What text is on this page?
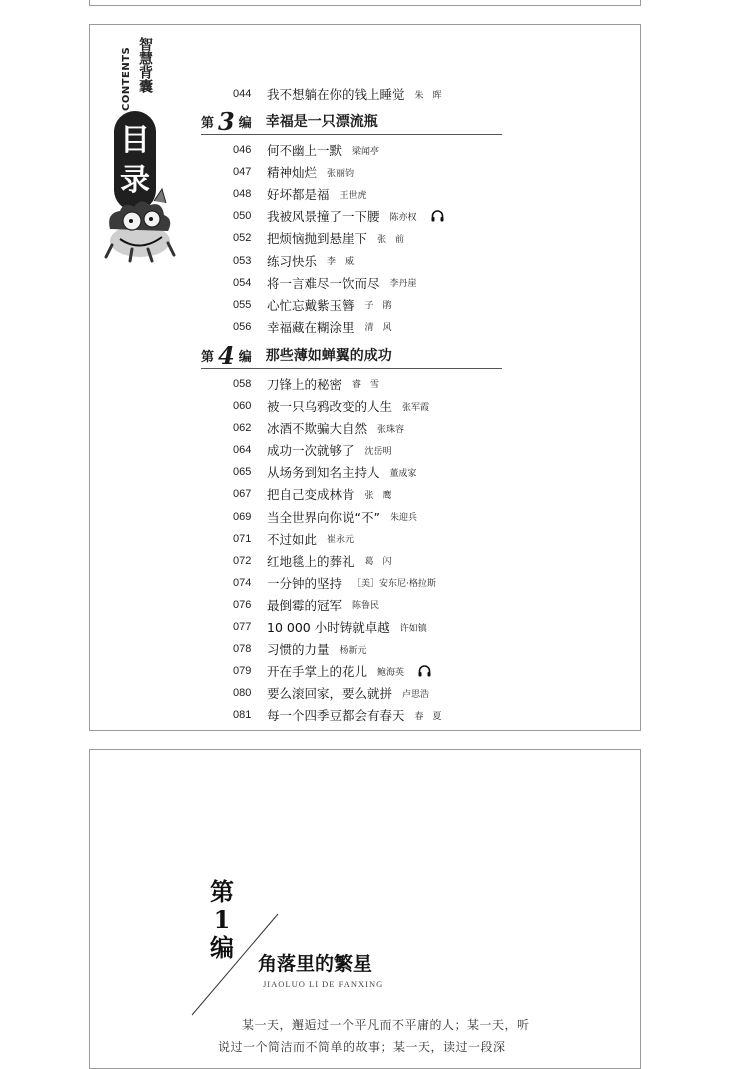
CONTENTS 智慧背囊
目
录
044	我不想躺在你的钱上睡觉 朱　晖
第 3 编 幸福是一只漂流瓶
046	何不幽上一默 梁闻亭
047	精神灿烂 张丽钧
048	好坏都是福 王世虎
050	我被风景撞了一下腰 陈亦权
052	把烦恼抛到悬崖下 张　前
053	练习快乐 李　威
054	将一言难尽一饮而尽 李丹崖
055	心忙忘戴紫玉簪 子　鹃
056	幸福藏在糊涂里 清　风
第 4 编 那些薄如蝉翼的成功
058	刀锋上的秘密 睿　雪
060	被一只乌鸦改变的人生 张军霞
062	冰酒不欺骗大自然 张珠容
064	成功一次就够了 沈岳明
065	从场务到知名主持人 董成家
067	把自己变成林肯 张　鹰
069	当全世界向你说“不” 朱迎兵
071	不过如此 崔永元
072	红地毯上的葬礼 葛　闪
074	一分钟的坚持 ［美］安东尼·格拉斯
076	最倒霉的冠军 陈鲁民
077	10 000 小时铸就卓越 许如镇
078	习惯的力量 杨新元
079	开在手掌上的花儿 鲍海英
080	要么滚回家，要么就拼 卢思浩
081	每一个四季豆都会有春天 春　夏
第
1
编
角落里的繁星
JIAOLUO LI DE FANXING
某一天，邂逅过一个平凡而不平庸的人；某一天，听说过一个简洁而不简单的故事；某一天，读过一段深
